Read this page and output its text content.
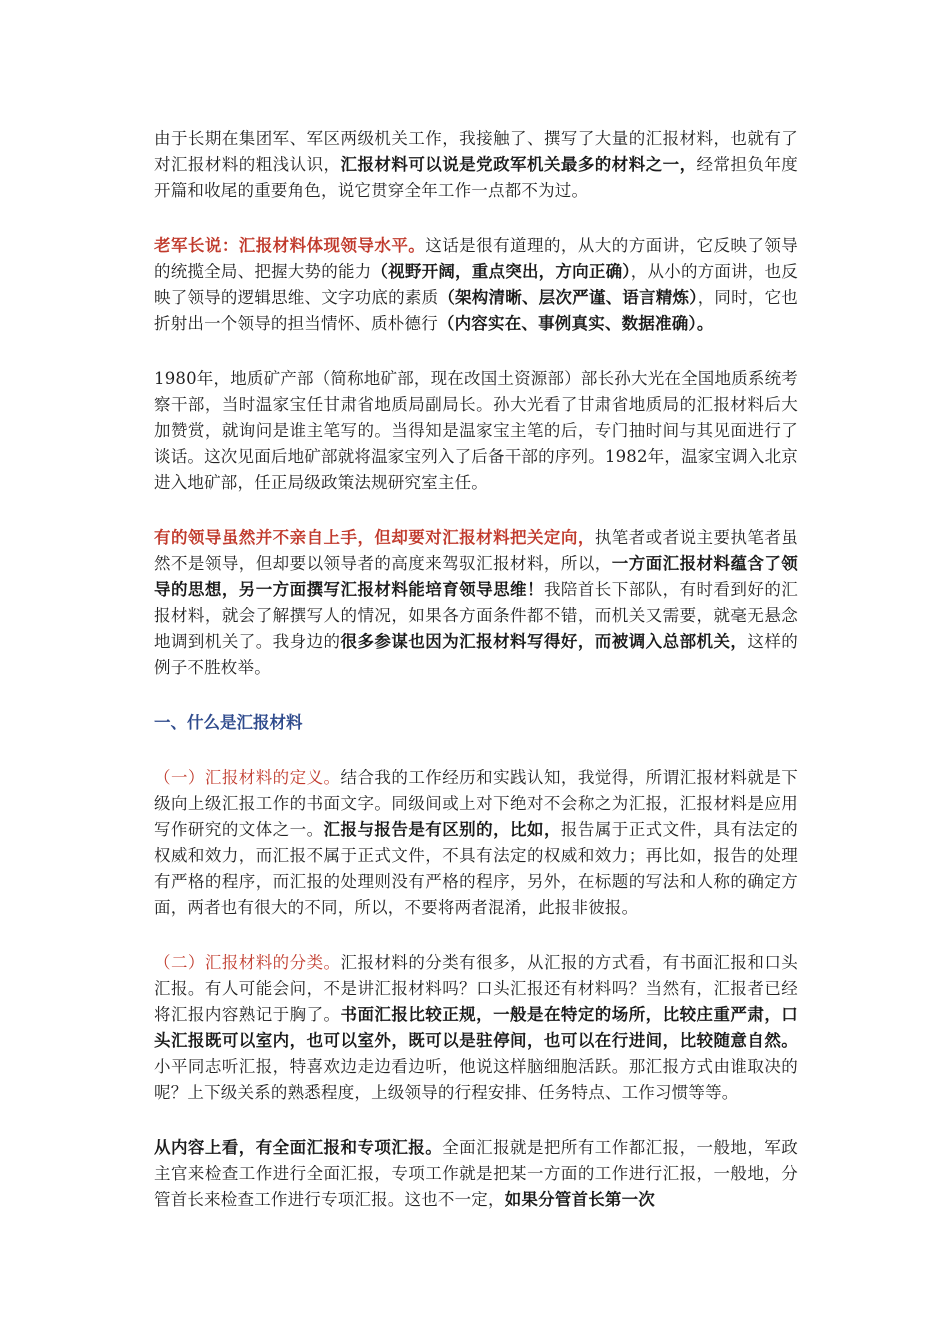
由于长期在集团军、军区两级机关工作，我接触了、撰写了大量的汇报材料，也就有了对汇报材料的粗浅认识，汇报材料可以说是党政军机关最多的材料之一，经常担负年度开篇和收尾的重要角色，说它贯穿全年工作一点都不为过。

老军长说：汇报材料体现领导水平。这话是很有道理的，从大的方面讲，它反映了领导的统揽全局、把握大势的能力（视野开阔，重点突出，方向正确），从小的方面讲，也反映了领导的逻辑思维、文字功底的素质（架构清晰、层次严谨、语言精炼），同时，它也折射出一个领导的担当情怀、质朴德行（内容实在、事例真实、数据准确）。

1980年，地质矿产部（简称地矿部，现在改国土资源部）部长孙大光在全国地质系统考察干部，当时温家宝任甘肃省地质局副局长。孙大光看了甘肃省地质局的汇报材料后大加赞赏，就询问是谁主笔写的。当得知是温家宝主笔的后，专门抽时间与其见面进行了谈话。这次见面后地矿部就将温家宝列入了后备干部的序列。1982年，温家宝调入北京进入地矿部，任正局级政策法规研究室主任。

有的领导虽然并不亲自上手，但却要对汇报材料把关定向，执笔者或者说主要执笔者虽然不是领导，但却要以领导者的高度来驾驭汇报材料，所以，一方面汇报材料蕴含了领导的思想，另一方面撰写汇报材料能培育领导思维！我陪首长下部队，有时看到好的汇报材料，就会了解撰写人的情况，如果各方面条件都不错，而机关又需要，就毫无悬念地调到机关了。我身边的很多参谋也因为汇报材料写得好，而被调入总部机关，这样的例子不胜枚举。

一、什么是汇报材料

（一）汇报材料的定义。结合我的工作经历和实践认知，我觉得，所谓汇报材料就是下级向上级汇报工作的书面文字。同级间或上对下绝对不会称之为汇报，汇报材料是应用写作研究的文体之一。汇报与报告是有区别的，比如，报告属于正式文件，具有法定的权威和效力，而汇报不属于正式文件，不具有法定的权威和效力；再比如，报告的处理有严格的程序，而汇报的处理则没有严格的程序，另外，在标题的写法和人称的确定方面，两者也有很大的不同，所以，不要将两者混淆，此报非彼报。

（二）汇报材料的分类。汇报材料的分类有很多，从汇报的方式看，有书面汇报和口头汇报。有人可能会问，不是讲汇报材料吗？口头汇报还有材料吗？当然有，汇报者已经将汇报内容熟记于胸了。书面汇报比较正规，一般是在特定的场所，比较庄重严肃，口头汇报既可以室内，也可以室外，既可以是驻停间，也可以在行进间，比较随意自然。小平同志听汇报，特喜欢边走边看边听，他说这样脑细胞活跃。那汇报方式由谁取决的呢？上下级关系的熟悉程度，上级领导的行程安排、任务特点、工作习惯等等。

从内容上看，有全面汇报和专项汇报。全面汇报就是把所有工作都汇报，一般地，军政主官来检查工作进行全面汇报，专项工作就是把某一方面的工作进行汇报，一般地，分管首长来检查工作进行专项汇报。这也不一定，如果分管首长第一次
